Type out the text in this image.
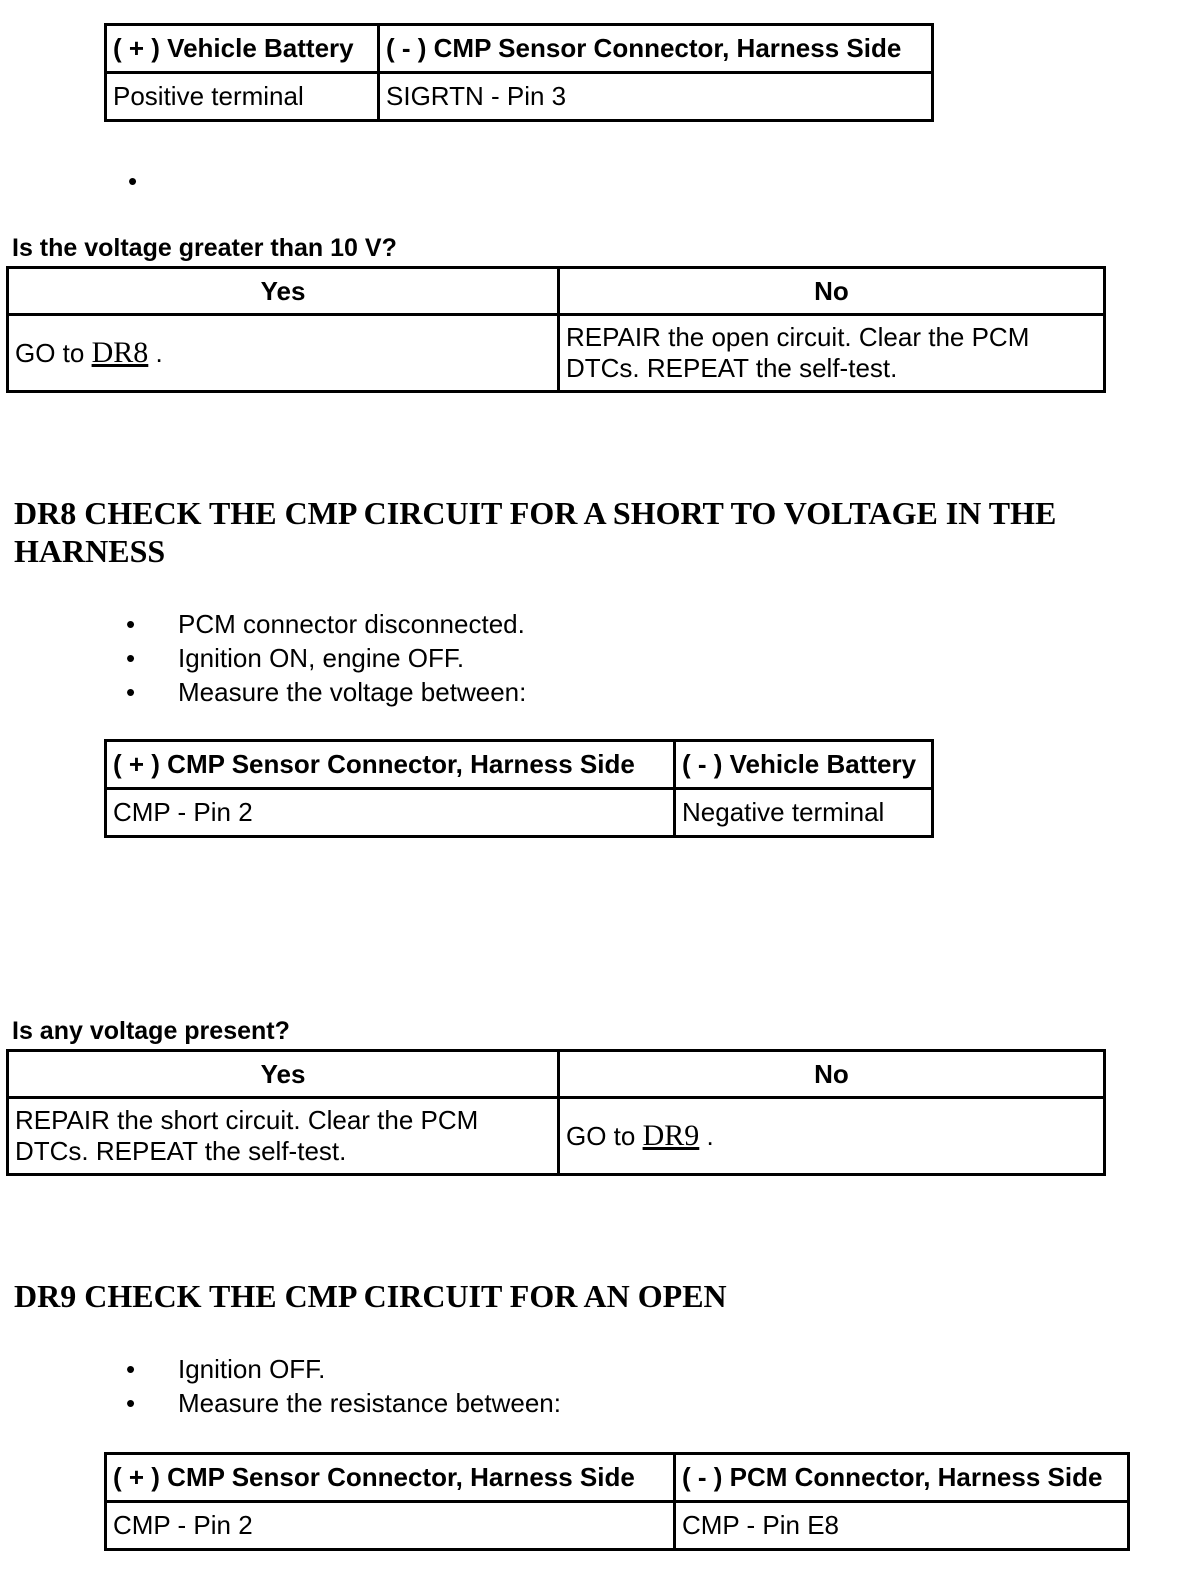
( + ) Vehicle Battery	( - ) CMP Sensor Connector, Harness Side
Positive terminal	SIGRTN - Pin 3
•
Is the voltage greater than 10 V?
Yes	No
GO to DR8 .	REPAIR the open circuit. Clear the PCM DTCs. REPEAT the self-test.
DR8 CHECK THE CMP CIRCUIT FOR A SHORT TO VOLTAGE IN THE HARNESS
• PCM connector disconnected.
• Ignition ON, engine OFF.
• Measure the voltage between:
( + ) CMP Sensor Connector, Harness Side	( - ) Vehicle Battery
CMP - Pin 2	Negative terminal
Is any voltage present?
Yes	No
REPAIR the short circuit. Clear the PCM DTCs. REPEAT the self-test.	GO to DR9 .
DR9 CHECK THE CMP CIRCUIT FOR AN OPEN
• Ignition OFF.
• Measure the resistance between:
( + ) CMP Sensor Connector, Harness Side	( - ) PCM Connector, Harness Side
CMP - Pin 2	CMP - Pin E8
